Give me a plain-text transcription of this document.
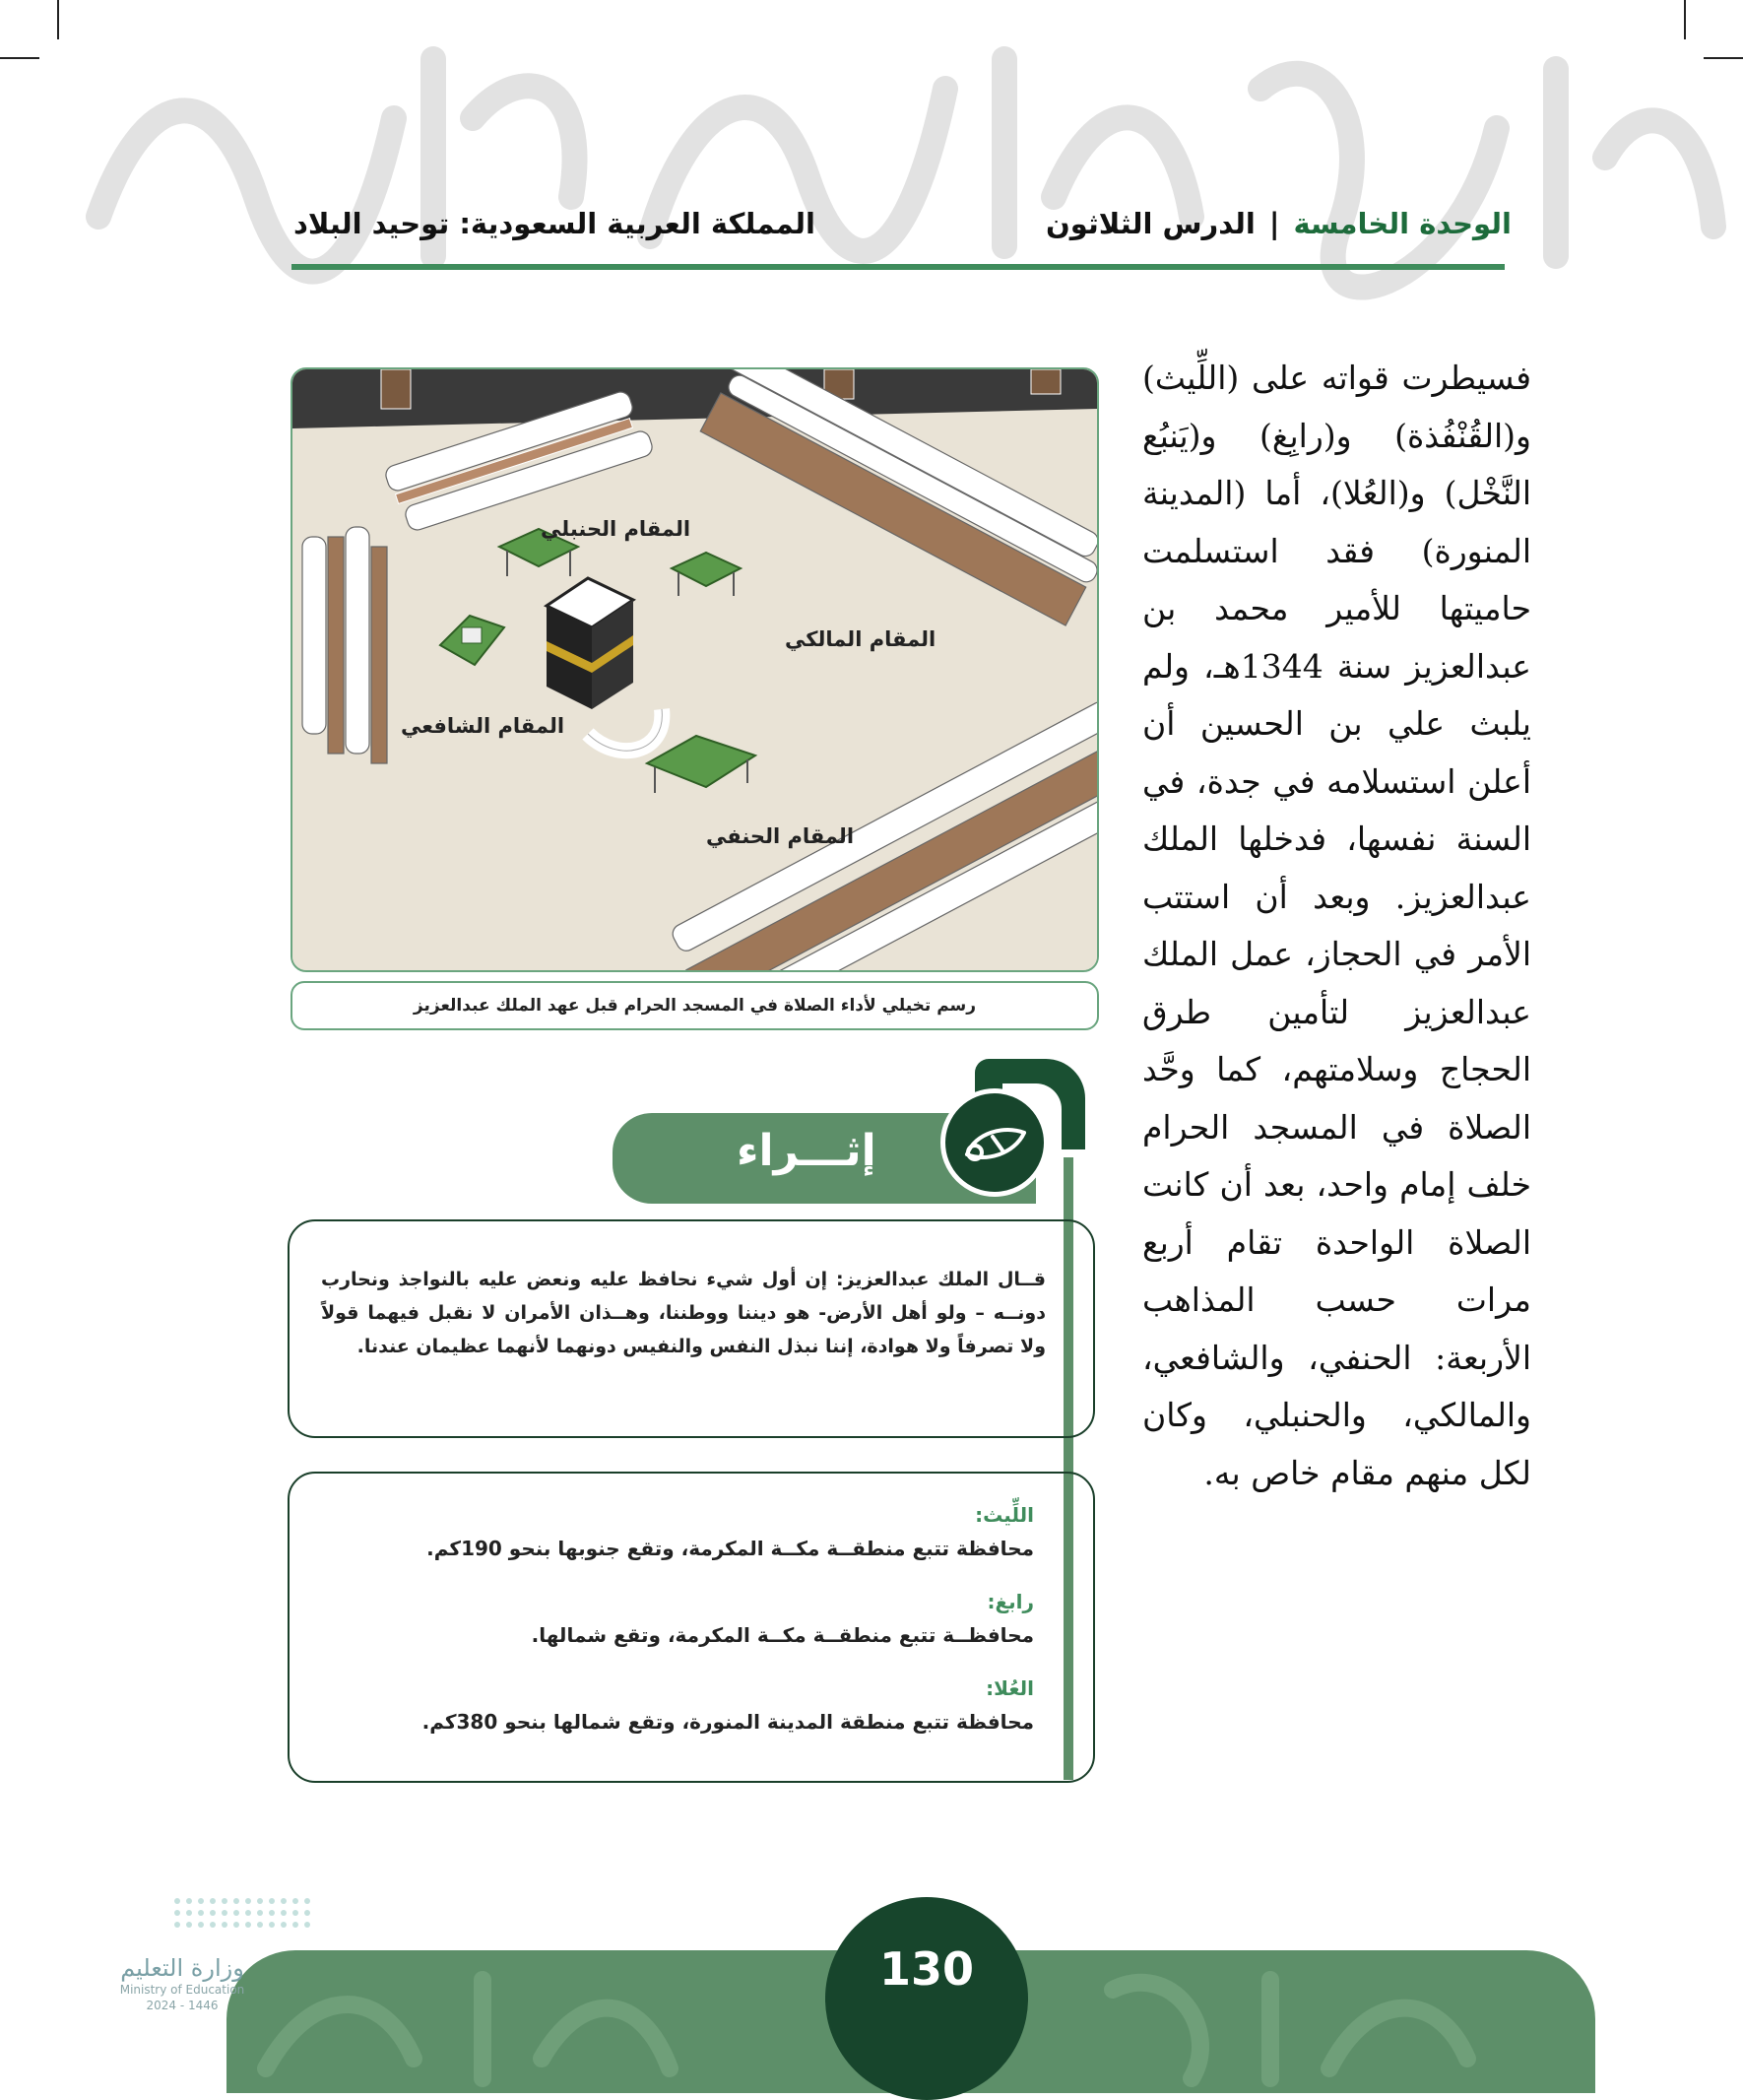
الوحدة الخامسة|الدرس الثلاثون
المملكة العربية السعودية: توحيد البلاد
فسيطرت قواته على (اللِّيث) و(القُنْفُذة) و(رابِغ) و(يَنبُع النَّخْل) و(العُلا)، أما (المدينة المنورة) فقد استسلمت حاميتها للأمير محمد بن عبدالعزيز سنة 1344هـ، ولم يلبث علي بن الحسين أن أعلن استسلامه في جدة، في السنة نفسها، فدخلها الملك عبدالعزيز. وبعد أن استتب الأمر في الحجاز، عمل الملك عبدالعزيز لتأمين طرق الحجاج وسلامتهم، كما وحَّد الصلاة في المسجد الحرام خلف إمام واحد، بعد أن كانت الصلاة الواحدة تقام أربع مرات حسب المذاهب الأربعة: الحنفي، والشافعي، والمالكي، والحنبلي، وكان لكل منهم مقام خاص به.
المقام الحنبلي
المقام المالكي
المقام الشافعي
المقام الحنفي
رسم تخيلي لأداء الصلاة في المسجد الحرام قبل عهد الملك عبدالعزيز
إثـــراء
قــال الملك عبدالعزيز: إن أول شيء نحافظ عليه ونعض عليه بالنواجذ ونحارب دونــه – ولو أهل الأرض- هو ديننا ووطننا، وهــذان الأمران لا نقبل فيهما قولاً ولا تصرفاً ولا هوادة، إننا نبذل النفس والنفيس دونهما لأنهما عظيمان عندنا.
اللِّيث:
محافظة تتبع منطقــة مكــة المكرمة، وتقع جنوبها بنحو 190كم.
رابغ:
محافظــة تتبع منطقــة مكــة المكرمة، وتقع شمالها.
العُلا:
محافظة تتبع منطقة المدينة المنورة، وتقع شمالها بنحو 380كم.
130
وزارة التعليم
Ministry of Education
2024 - 1446
